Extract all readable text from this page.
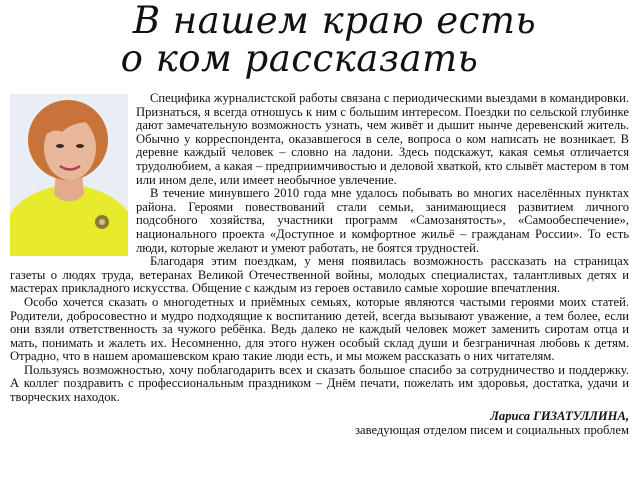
В нашем краю есть
о ком рассказать

Специфика журналистской работы связана с периодическими выездами в командировки. Признаться, я всегда отношусь к ним с большим интересом. Поездки по сельской глубинке дают замечательную возможность узнать, чем живёт и дышит нынче деревенский житель. Обычно у корреспондента, оказавшегося в селе, вопроса о ком написать не возникает. В деревне каждый человек – словно на ладони. Здесь подскажут, какая семья отличается трудолюбием, а какая – предприимчивостью и деловой хваткой, кто слывёт мастером в том или ином деле, или имеет необычное увлечение.

В течение минувшего 2010 года мне удалось побывать во многих населённых пунктах района. Героями повествований стали семьи, занимающиеся развитием личного подсобного хозяйства, участники программ «Самозанятость», «Самообеспечение», национального проекта «Доступное и комфортное жильё – гражданам России». То есть люди, которые желают и умеют работать, не боятся трудностей.

Благодаря этим поездкам, у меня появилась возможность рассказать на страницах газеты о людях труда, ветеранах Великой Отечественной войны, молодых специалистах, талантливых детях и мастерах прикладного искусства. Общение с каждым из героев оставило самые хорошие впечатления.

Особо хочется сказать о многодетных и приёмных семьях, которые являются частыми героями моих статей. Родители, добросовестно и мудро подходящие к воспитанию детей, всегда вызывают уважение, а тем более, если они взяли ответственность за чужого ребёнка. Ведь далеко не каждый человек может заменить сиротам отца и мать, понимать и жалеть их. Несомненно, для этого нужен особый склад души и безграничная любовь к детям. Отрадно, что в нашем аромашевском краю такие люди есть, и мы можем рассказать о них читателям.

Пользуясь возможностью, хочу поблагодарить всех и сказать большое спасибо за сотрудничество и поддержку. А коллег поздравить с профессиональным праздником – Днём печати, пожелать им здоровья, достатка, удачи и творческих находок.

Лариса ГИЗАТУЛЛИНА,
заведующая отделом писем и социальных проблем
